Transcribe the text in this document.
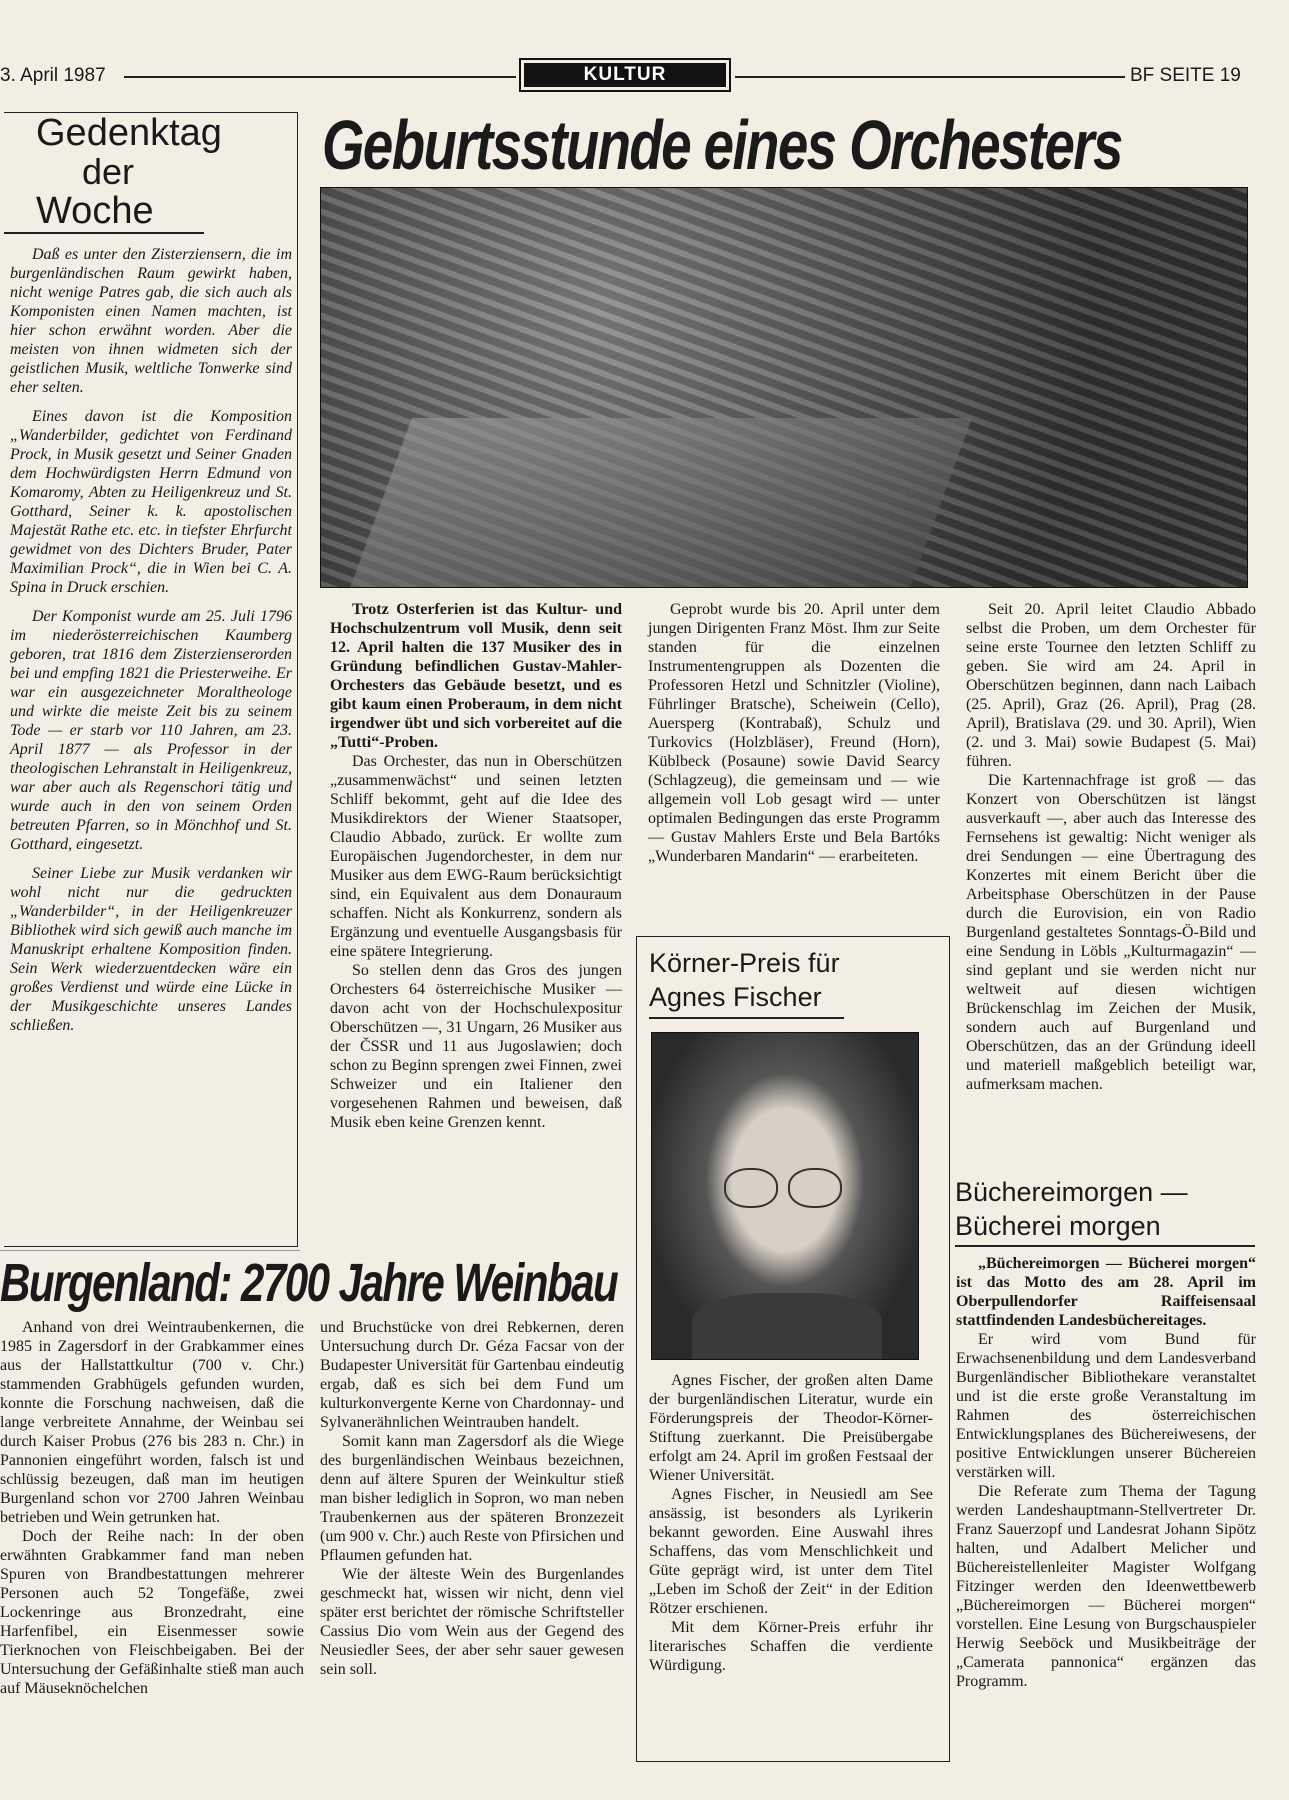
3. April 1987	KULTUR	BF SEITE 19
Gedenktag
der
Woche

Daß es unter den Zisterziensern, die im burgenländischen Raum gewirkt haben, nicht wenige Patres gab, die sich auch als Komponisten einen Namen machten, ist hier schon erwähnt worden. Aber die meisten von ihnen widmeten sich der geistlichen Musik, weltliche Tonwerke sind eher selten.

Eines davon ist die Komposition „Wanderbilder, gedichtet von Ferdinand Prock, in Musik gesetzt und Seiner Gnaden dem Hochwürdigsten Herrn Edmund von Komaromy, Abten zu Heiligenkreuz und St. Gotthard, Seiner k. k. apostolischen Majestät Rathe etc. etc. in tiefster Ehrfurcht gewidmet von des Dichters Bruder, Pater Maximilian Prock“, die in Wien bei C. A. Spina in Druck erschien.

Der Komponist wurde am 25. Juli 1796 im niederösterreichischen Kaumberg geboren, trat 1816 dem Zisterzienserorden bei und empfing 1821 die Priesterweihe. Er war ein ausgezeichneter Moraltheologe und wirkte die meiste Zeit bis zu seinem Tode — er starb vor 110 Jahren, am 23. April 1877 — als Professor in der theologischen Lehranstalt in Heiligenkreuz, war aber auch als Regenschori tätig und wurde auch in den von seinem Orden betreuten Pfarren, so in Mönchhof und St. Gotthard, eingesetzt.

Seiner Liebe zur Musik verdanken wir wohl nicht nur die gedruckten „Wanderbilder“, in der Heiligenkreuzer Bibliothek wird sich gewiß auch manche im Manuskript erhaltene Komposition finden. Sein Werk wiederzuentdecken wäre ein großes Verdienst und würde eine Lücke in der Musikgeschichte unseres Landes schließen.

Geburtsstunde eines Orchesters

Trotz Osterferien ist das Kultur- und Hochschulzentrum voll Musik, denn seit 12. April halten die 137 Musiker des in Gründung befindlichen Gustav-Mahler-Orchesters das Gebäude besetzt, und es gibt kaum einen Proberaum, in dem nicht irgendwer übt und sich vorbereitet auf die „Tutti“-Proben.

Das Orchester, das nun in Oberschützen „zusammenwächst“ und seinen letzten Schliff bekommt, geht auf die Idee des Musikdirektors der Wiener Staatsoper, Claudio Abbado, zurück. Er wollte zum Europäischen Jugendorchester, in dem nur Musiker aus dem EWG-Raum berücksichtigt sind, ein Equivalent aus dem Donauraum schaffen. Nicht als Konkurrenz, sondern als Ergänzung und eventuelle Ausgangsbasis für eine spätere Integrierung.

So stellen denn das Gros des jungen Orchesters 64 österreichische Musiker — davon acht von der Hochschulexpositur Oberschützen —, 31 Ungarn, 26 Musiker aus der ČSSR und 11 aus Jugoslawien; doch schon zu Beginn sprengen zwei Finnen, zwei Schweizer und ein Italiener den vorgesehenen Rahmen und beweisen, daß Musik eben keine Grenzen kennt.

Geprobt wurde bis 20. April unter dem jungen Dirigenten Franz Möst. Ihm zur Seite standen für die einzelnen Instrumentengruppen als Dozenten die Professoren Hetzl und Schnitzler (Violine), Führlinger Bratsche), Scheiwein (Cello), Auersperg (Kontrabaß), Schulz und Turkovics (Holzbläser), Freund (Horn), Küblbeck (Posaune) sowie David Searcy (Schlagzeug), die gemeinsam und — wie allgemein voll Lob gesagt wird — unter optimalen Bedingungen das erste Programm — Gustav Mahlers Erste und Bela Bartóks „Wunderbaren Mandarin“ — erarbeiteten.

Seit 20. April leitet Claudio Abbado selbst die Proben, um dem Orchester für seine erste Tournee den letzten Schliff zu geben. Sie wird am 24. April in Oberschützen beginnen, dann nach Laibach (25. April), Graz (26. April), Prag (28. April), Bratislava (29. und 30. April), Wien (2. und 3. Mai) sowie Budapest (5. Mai) führen.

Die Kartennachfrage ist groß — das Konzert von Oberschützen ist längst ausverkauft —, aber auch das Interesse des Fernsehens ist gewaltig: Nicht weniger als drei Sendungen — eine Übertragung des Konzertes mit einem Bericht über die Arbeitsphase Oberschützen in der Pause durch die Eurovision, ein von Radio Burgenland gestaltetes Sonntags-Ö-Bild und eine Sendung in Löbls „Kulturmagazin“ — sind geplant und sie werden nicht nur weltweit auf diesen wichtigen Brückenschlag im Zeichen der Musik, sondern auch auf Burgenland und Oberschützen, das an der Gründung ideell und materiell maßgeblich beteiligt war, aufmerksam machen.

Körner-Preis für
Agnes Fischer

Agnes Fischer, der großen alten Dame der burgenländischen Literatur, wurde ein Förderungspreis der Theodor-Körner-Stiftung zuerkannt. Die Preisübergabe erfolgt am 24. April im großen Festsaal der Wiener Universität.

Agnes Fischer, in Neusiedl am See ansässig, ist besonders als Lyrikerin bekannt geworden. Eine Auswahl ihres Schaffens, das vom Menschlichkeit und Güte geprägt wird, ist unter dem Titel „Leben im Schoß der Zeit“ in der Edition Rötzer erschienen.

Mit dem Körner-Preis erfuhr ihr literarisches Schaffen die verdiente Würdigung.

Büchereimorgen —
Bücherei morgen

„Büchereimorgen — Bücherei morgen“ ist das Motto des am 28. April im Oberpullendorfer Raiffeisensaal stattfindenden Landesbüchereitages.

Er wird vom Bund für Erwachsenenbildung und dem Landesverband Burgenländischer Bibliothekare veranstaltet und ist die erste große Veranstaltung im Rahmen des österreichischen Entwicklungsplanes des Büchereiwesens, der positive Entwicklungen unserer Büchereien verstärken will.

Die Referate zum Thema der Tagung werden Landeshauptmann-Stellvertreter Dr. Franz Sauerzopf und Landesrat Johann Sipötz halten, und Adalbert Melicher und Büchereistellenleiter Magister Wolfgang Fitzinger werden den Ideenwettbewerb „Büchereimorgen — Bücherei morgen“ vorstellen. Eine Lesung von Burgschauspieler Herwig Seeböck und Musikbeiträge der „Camerata pannonica“ ergänzen das Programm.

Burgenland: 2700 Jahre Weinbau

Anhand von drei Weintraubenkernen, die 1985 in Zagersdorf in der Grabkammer eines aus der Hallstattkultur (700 v. Chr.) stammenden Grabhügels gefunden wurden, konnte die Forschung nachweisen, daß die lange verbreitete Annahme, der Weinbau sei durch Kaiser Probus (276 bis 283 n. Chr.) in Pannonien eingeführt worden, falsch ist und schlüssig bezeugen, daß man im heutigen Burgenland schon vor 2700 Jahren Weinbau betrieben und Wein getrunken hat.

Doch der Reihe nach: In der oben erwähnten Grabkammer fand man neben Spuren von Brandbestattungen mehrerer Personen auch 52 Tongefäße, zwei Lockenringe aus Bronzedraht, eine Harfenfibel, ein Eisenmesser sowie Tierknochen von Fleischbeigaben. Bei der Untersuchung der Gefäßinhalte stieß man auch auf Mäuseknöchelchen

und Bruchstücke von drei Rebkernen, deren Untersuchung durch Dr. Géza Facsar von der Budapester Universität für Gartenbau eindeutig ergab, daß es sich bei dem Fund um kulturkonvergente Kerne von Chardonnay- und Sylvanerähnlichen Weintrauben handelt.

Somit kann man Zagersdorf als die Wiege des burgenländischen Weinbaus bezeichnen, denn auf ältere Spuren der Weinkultur stieß man bisher lediglich in Sopron, wo man neben Traubenkernen aus der späteren Bronzezeit (um 900 v. Chr.) auch Reste von Pfirsichen und Pflaumen gefunden hat.

Wie der älteste Wein des Burgenlandes geschmeckt hat, wissen wir nicht, denn viel später erst berichtet der römische Schriftsteller Cassius Dio vom Wein aus der Gegend des Neusiedler Sees, der aber sehr sauer gewesen sein soll.
